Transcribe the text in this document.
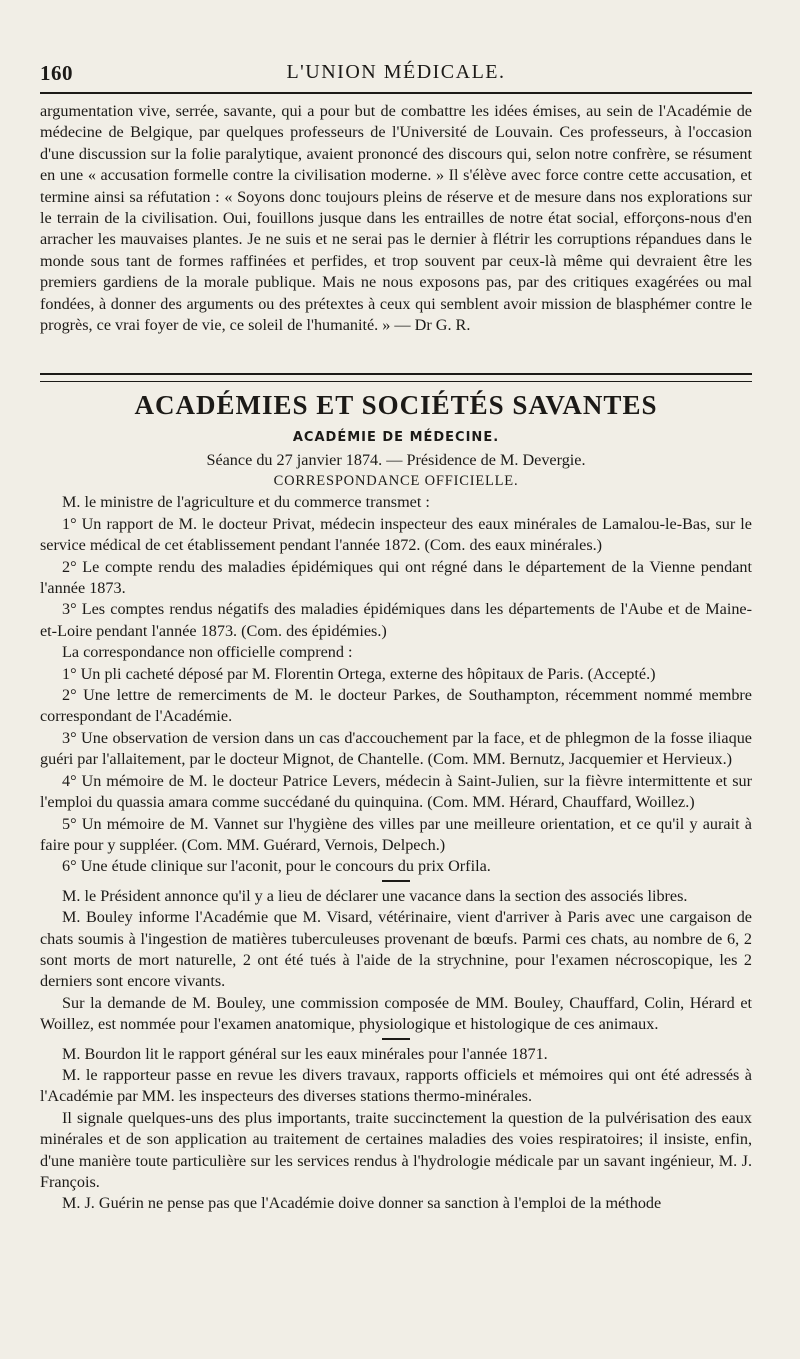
160	L'UNION MÉDICALE.

argumentation vive, serrée, savante, qui a pour but de combattre les idées émises, au sein de l'Académie de médecine de Belgique, par quelques professeurs de l'Université de Louvain. Ces professeurs, à l'occasion d'une discussion sur la folie paralytique, avaient prononcé des discours qui, selon notre confrère, se résument en une « accusation formelle contre la civilisation moderne. » Il s'élève avec force contre cette accusation, et termine ainsi sa réfutation : « Soyons donc toujours pleins de réserve et de mesure dans nos explorations sur le terrain de la civilisation. Oui, fouillons jusque dans les entrailles de notre état social, efforçons-nous d'en arracher les mauvaises plantes. Je ne suis et ne serai pas le dernier à flétrir les corruptions répandues dans le monde sous tant de formes raffinées et perfides, et trop souvent par ceux-là même qui devraient être les premiers gardiens de la morale publique. Mais ne nous exposons pas, par des critiques exagérées ou mal fondées, à donner des arguments ou des prétextes à ceux qui semblent avoir mission de blasphémer contre le progrès, ce vrai foyer de vie, ce soleil de l'humanité. » — Dr G. R.

ACADÉMIES ET SOCIÉTÉS SAVANTES
ACADÉMIE DE MÉDECINE.
Séance du 27 janvier 1874. — Présidence de M. Devergie.
CORRESPONDANCE OFFICIELLE.

M. le ministre de l'agriculture et du commerce transmet :

1° Un rapport de M. le docteur Privat, médecin inspecteur des eaux minérales de Lamalou-le-Bas, sur le service médical de cet établissement pendant l'année 1872. (Com. des eaux minérales.)

2° Le compte rendu des maladies épidémiques qui ont régné dans le département de la Vienne pendant l'année 1873.

3° Les comptes rendus négatifs des maladies épidémiques dans les départements de l'Aube et de Maine-et-Loire pendant l'année 1873. (Com. des épidémies.)

La correspondance non officielle comprend :

1° Un pli cacheté déposé par M. Florentin Ortega, externe des hôpitaux de Paris. (Accepté.)

2° Une lettre de remerciments de M. le docteur Parkes, de Southampton, récemment nommé membre correspondant de l'Académie.

3° Une observation de version dans un cas d'accouchement par la face, et de phlegmon de la fosse iliaque guéri par l'allaitement, par le docteur Mignot, de Chantelle. (Com. MM. Bernutz, Jacquemier et Hervieux.)

4° Un mémoire de M. le docteur Patrice Levers, médecin à Saint-Julien, sur la fièvre intermittente et sur l'emploi du quassia amara comme succédané du quinquina. (Com. MM. Hérard, Chauffard, Woillez.)

5° Un mémoire de M. Vannet sur l'hygiène des villes par une meilleure orientation, et ce qu'il y aurait à faire pour y suppléer. (Com. MM. Guérard, Vernois, Delpech.)

6° Une étude clinique sur l'aconit, pour le concours du prix Orfila.

M. le Président annonce qu'il y a lieu de déclarer une vacance dans la section des associés libres.

M. Bouley informe l'Académie que M. Visard, vétérinaire, vient d'arriver à Paris avec une cargaison de chats soumis à l'ingestion de matières tuberculeuses provenant de bœufs. Parmi ces chats, au nombre de 6, 2 sont morts de mort naturelle, 2 ont été tués à l'aide de la strychnine, pour l'examen nécroscopique, les 2 derniers sont encore vivants.

Sur la demande de M. Bouley, une commission composée de MM. Bouley, Chauffard, Colin, Hérard et Woillez, est nommée pour l'examen anatomique, physiologique et histologique de ces animaux.

M. Bourdon lit le rapport général sur les eaux minérales pour l'année 1871.

M. le rapporteur passe en revue les divers travaux, rapports officiels et mémoires qui ont été adressés à l'Académie par MM. les inspecteurs des diverses stations thermo-minérales.

Il signale quelques-uns des plus importants, traite succinctement la question de la pulvérisation des eaux minérales et de son application au traitement de certaines maladies des voies respiratoires; il insiste, enfin, d'une manière toute particulière sur les services rendus à l'hydrologie médicale par un savant ingénieur, M. J. François.

M. J. Guérin ne pense pas que l'Académie doive donner sa sanction à l'emploi de la méthode
